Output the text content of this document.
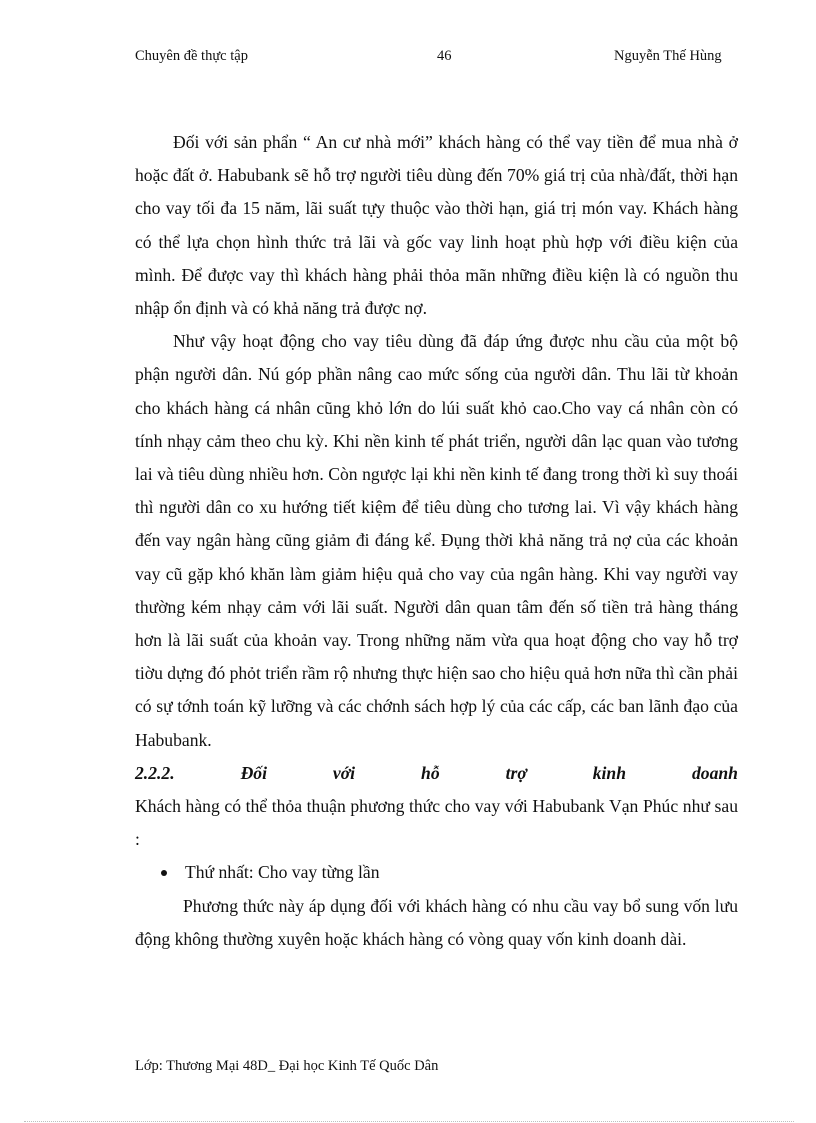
Chuyên đề thực tập	46	Nguyễn Thế Hùng

Đối với sản phẩn “ An cư nhà mới” khách hàng có thể vay tiền để mua nhà ở hoặc đất ở. Habubank sẽ hỗ trợ người tiêu dùng đến 70% giá trị của nhà/đất, thời hạn cho vay tối đa 15 năm, lãi suất tựy thuộc vào thời hạn, giá trị món vay. Khách hàng có thể lựa chọn hình thức trả lãi và gốc vay linh hoạt phù hợp với điều kiện của mình. Để được vay thì khách hàng phải thỏa mãn những điều kiện là có nguồn thu nhập ổn định và có khả năng trả được nợ.

Như vậy hoạt động cho vay tiêu dùng đã đáp ứng được nhu cầu của một bộ phận người dân. Nú góp phần nâng cao mức sống của người dân. Thu lãi từ khoản cho khách hàng cá nhân cũng khỏ lớn do lúi suất khỏ cao.Cho vay cá nhân còn có tính nhạy cảm theo chu kỳ. Khi nền kinh tế phát triển, người dân lạc quan vào tương lai và tiêu dùng nhiều hơn. Còn ngược lại khi nền kinh tế đang trong thời kì suy thoái thì người dân co xu hướng tiết kiệm để tiêu dùng cho tương lai. Vì vậy khách hàng đến vay ngân hàng cũng giảm đi đáng kể. Đụng thời khả năng trả nợ của các khoản vay cũ gặp khó khăn làm giảm hiệu quả cho vay của ngân hàng. Khi vay người vay thường kém nhạy cảm với lãi suất. Người dân quan tâm đến số tiền trả hàng tháng hơn là lãi suất của khoản vay. Trong những năm vừa qua hoạt động cho vay hỗ trợ tiờu dựng đó phỏt triển rầm rộ nhưng thực hiện sao cho hiệu quả hơn nữa thì cần phải có sự tớnh toán kỹ lưỡng và các chớnh sách hợp lý của các cấp, các ban lãnh đạo của Habubank.

2.2.2.	Đối	với	hỗ	trợ	kinh	doanh

Khách hàng có thể thỏa thuận phương thức cho vay với Habubank Vạn Phúc như sau :

Thứ nhất: Cho vay từng lần

Phương thức này áp dụng đối với khách hàng có nhu cầu vay bổ sung vốn lưu động không thường xuyên hoặc khách hàng có vòng quay vốn kinh doanh dài.

Lớp: Thương Mại 48D_ Đại học Kinh Tế Quốc Dân
